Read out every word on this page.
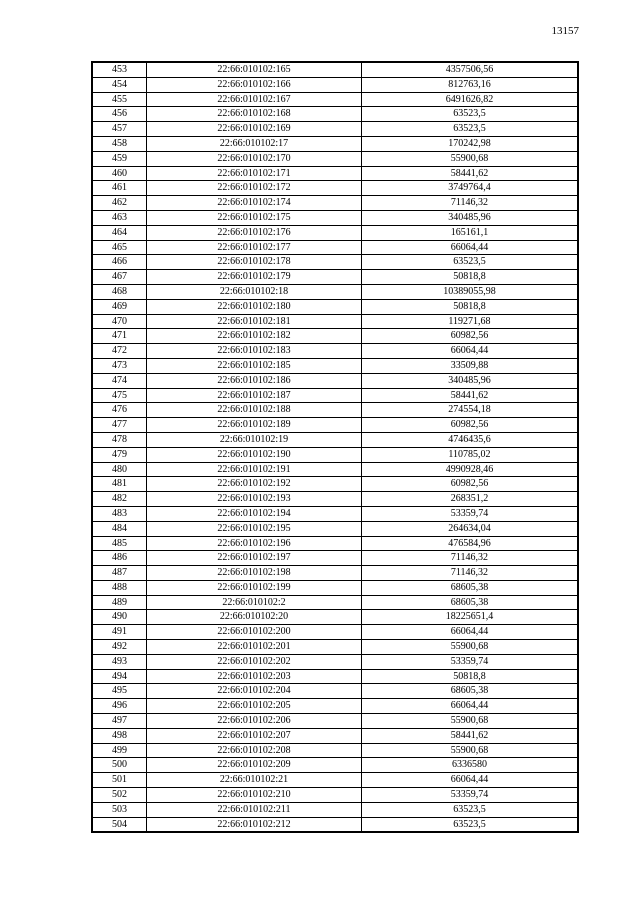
13157
453	22:66:010102:165	4357506,56
454	22:66:010102:166	812763,16
455	22:66:010102:167	6491626,82
456	22:66:010102:168	63523,5
457	22:66:010102:169	63523,5
458	22:66:010102:17	170242,98
459	22:66:010102:170	55900,68
460	22:66:010102:171	58441,62
461	22:66:010102:172	3749764,4
462	22:66:010102:174	71146,32
463	22:66:010102:175	340485,96
464	22:66:010102:176	165161,1
465	22:66:010102:177	66064,44
466	22:66:010102:178	63523,5
467	22:66:010102:179	50818,8
468	22:66:010102:18	10389055,98
469	22:66:010102:180	50818,8
470	22:66:010102:181	119271,68
471	22:66:010102:182	60982,56
472	22:66:010102:183	66064,44
473	22:66:010102:185	33509,88
474	22:66:010102:186	340485,96
475	22:66:010102:187	58441,62
476	22:66:010102:188	274554,18
477	22:66:010102:189	60982,56
478	22:66:010102:19	4746435,6
479	22:66:010102:190	110785,02
480	22:66:010102:191	4990928,46
481	22:66:010102:192	60982,56
482	22:66:010102:193	268351,2
483	22:66:010102:194	53359,74
484	22:66:010102:195	264634,04
485	22:66:010102:196	476584,96
486	22:66:010102:197	71146,32
487	22:66:010102:198	71146,32
488	22:66:010102:199	68605,38
489	22:66:010102:2	68605,38
490	22:66:010102:20	18225651,4
491	22:66:010102:200	66064,44
492	22:66:010102:201	55900,68
493	22:66:010102:202	53359,74
494	22:66:010102:203	50818,8
495	22:66:010102:204	68605,38
496	22:66:010102:205	66064,44
497	22:66:010102:206	55900,68
498	22:66:010102:207	58441,62
499	22:66:010102:208	55900,68
500	22:66:010102:209	6336580
501	22:66:010102:21	66064,44
502	22:66:010102:210	53359,74
503	22:66:010102:211	63523,5
504	22:66:010102:212	63523,5
